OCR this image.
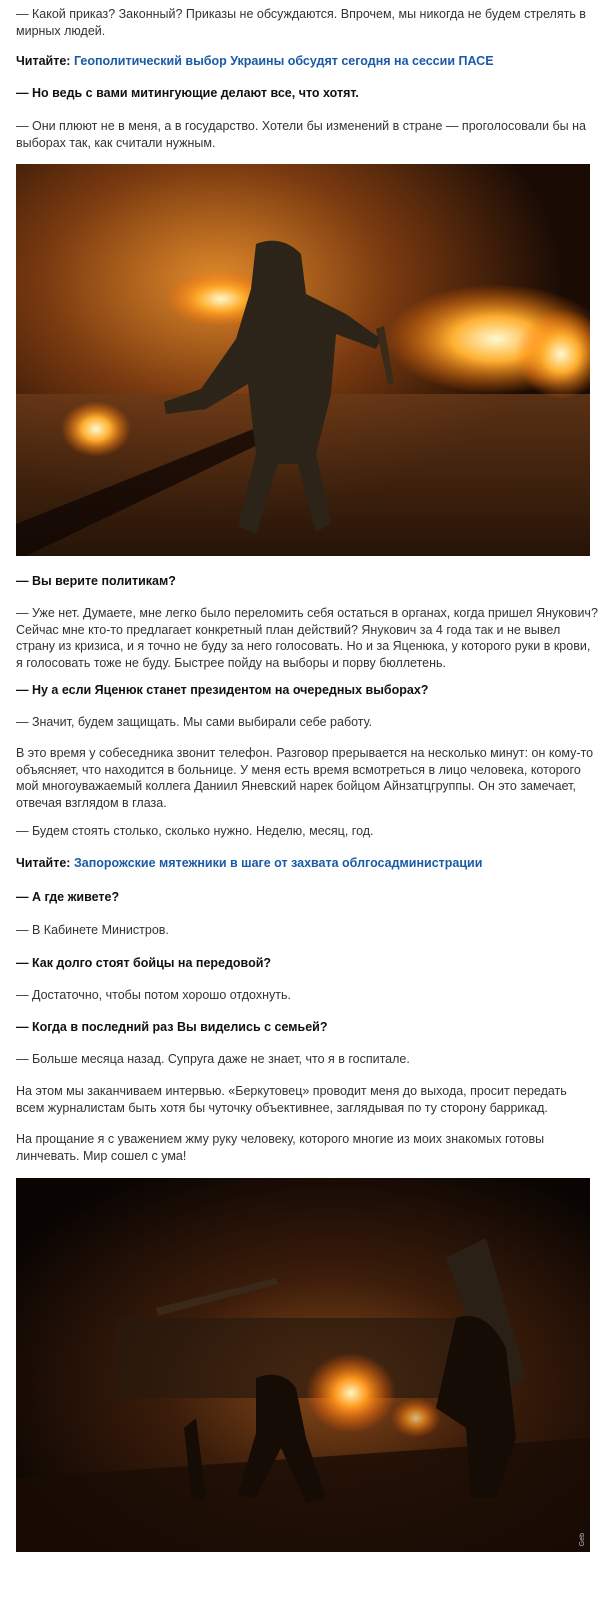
— Какой приказ? Законный? Приказы не обсуждаются. Впрочем, мы никогда не будем стрелять в мирных людей.

Читайте: Геополитический выбор Украины обсудят сегодня на сессии ПАСЕ

— Но ведь с вами митингующие делают все, что хотят.

— Они плюют не в меня, а в государство. Хотели бы изменений в стране — проголосовали бы на выборах так, как считали нужным.

— Вы верите политикам?

— Уже нет. Думаете, мне легко было переломить себя остаться в органах, когда пришел Янукович? Сейчас мне кто-то предлагает конкретный план действий? Янукович за 4 года так и не вывел страну из кризиса, и я точно не буду за него голосовать. Но и за Яценюка, у которого руки в крови, я голосовать тоже не буду. Быстрее пойду на выборы и порву бюллетень.

— Ну а если Яценюк станет президентом на очередных выборах?

— Значит, будем защищать. Мы сами выбирали себе работу.

В это время у собеседника звонит телефон. Разговор прерывается на несколько минут: он кому-то объясняет, что находится в больнице. У меня есть время всмотреться в лицо человека, которого мой многоуважаемый коллега Даниил Яневский нарек бойцом Айнзатцгруппы. Он это замечает, отвечая взглядом в глаза.

— Будем стоять столько, сколько нужно. Неделю, месяц, год.

Читайте: Запорожские мятежники в шаге от захвата облгосадминистрации

— А где живете?

— В Кабинете Министров.

— Как долго стоят бойцы на передовой?

— Достаточно, чтобы потом хорошо отдохнуть.

— Когда в последний раз Вы виделись с семьей?

— Больше месяца назад. Супруга даже не знает, что я в госпитале.

На этом мы заканчиваем интервью. «Беркутовец» проводит меня до выхода, просит передать всем журналистам быть хотя бы чуточку объективнее, заглядывая по ту сторону баррикад.

На прощание я с уважением жму руку человеку, которого многие из моих знакомых готовы линчевать. Мир сошел с ума!

Geb
